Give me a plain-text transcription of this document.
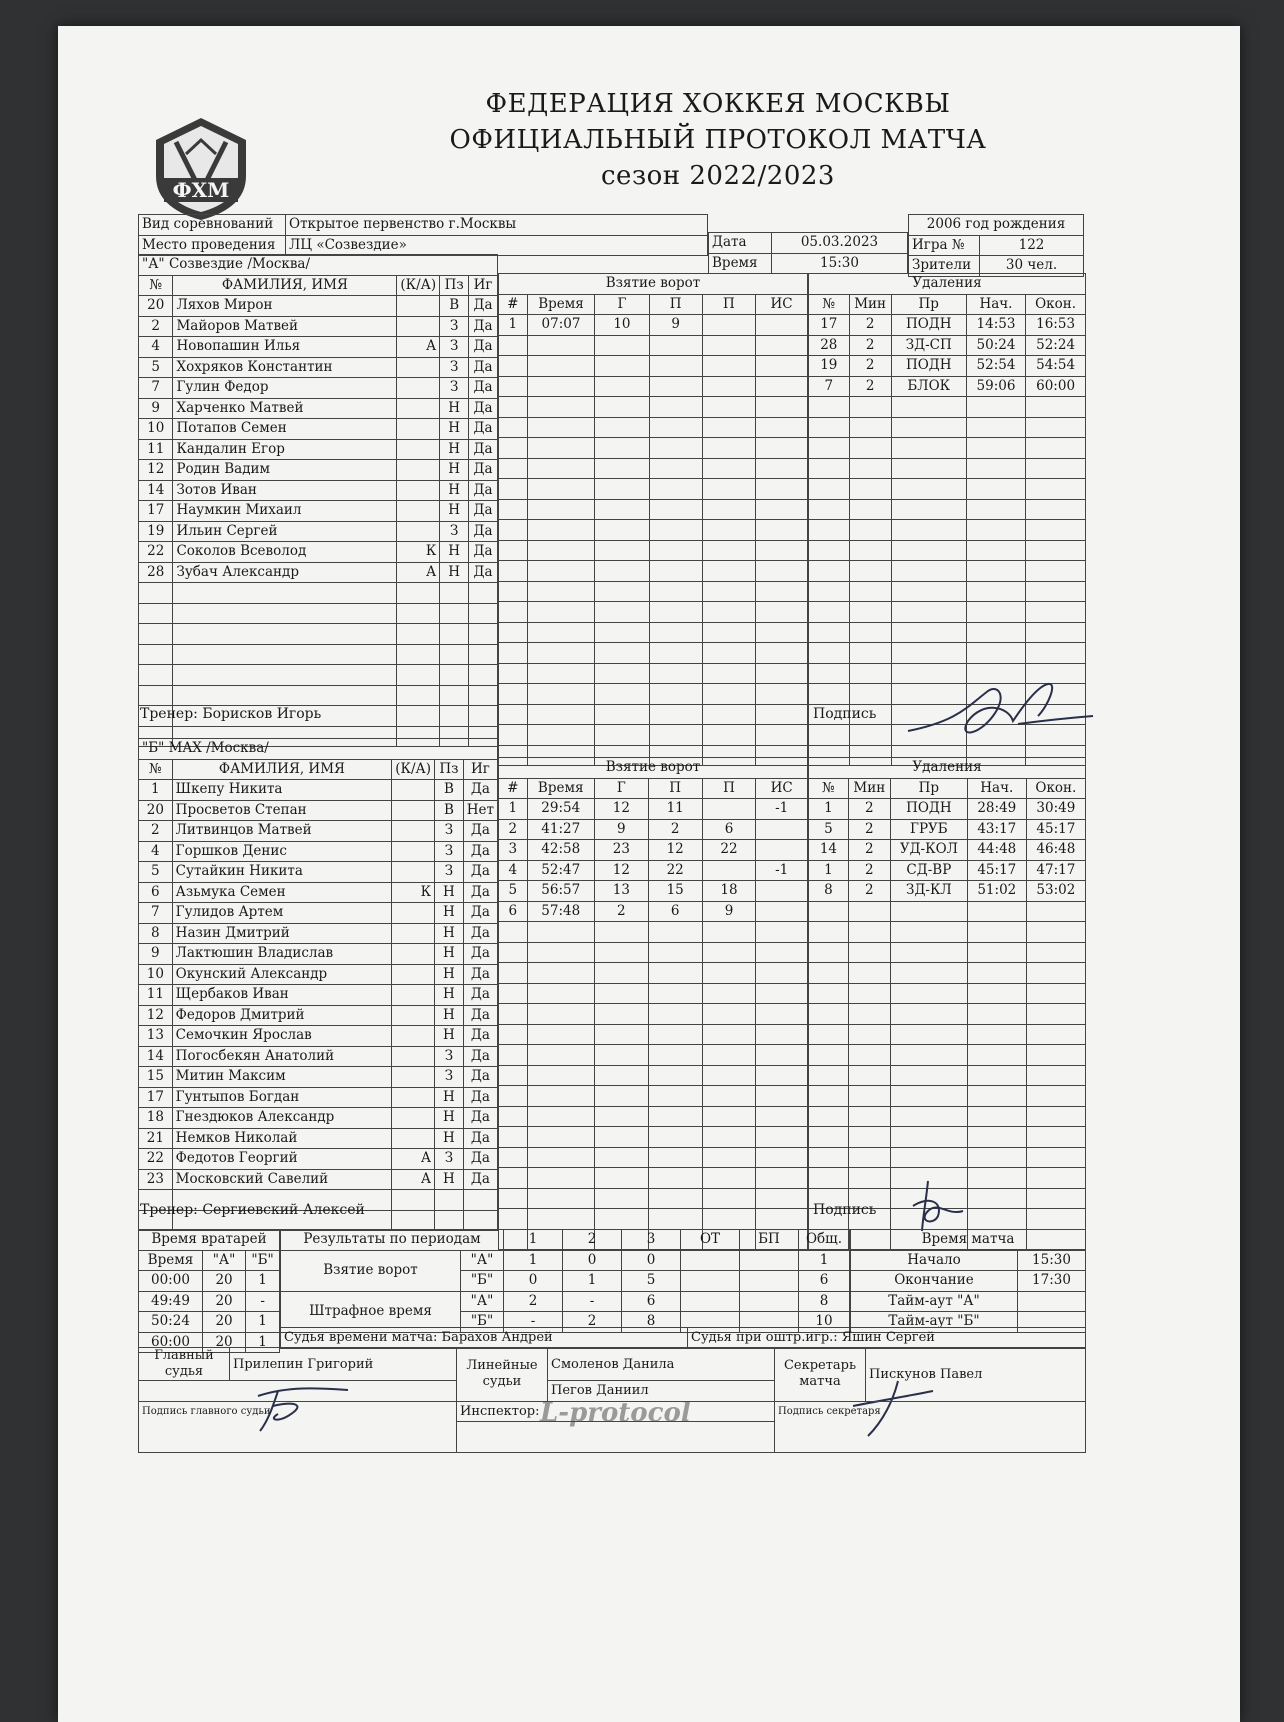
ФХМ
ФЕДЕРАЦИЯ ХОККЕЯ МОСКВЫ
ОФИЦИАЛЬНЫЙ ПРОТОКОЛ МАТЧА
сезон 2022/2023
Вид соревнований	Открытое первенство г.Москвы
Место проведения	ЛЦ «Созвездие»	Дата	05.03.2023
Время	15:30
2006 год рождения	
Игра №	122
Зрители	30 чел.
"А" Созвездие /Москва/				
№	ФАМИЛИЯ, ИМЯ	(К/А)	Пз	Иг
20	Ляхов Мирон		В	Да
2	Майоров Матвей		З	Да
4	Новопашин Илья	А	З	Да
5	Хохряков Константин		З	Да
7	Гулин Федор		З	Да
9	Харченко Матвей		Н	Да
10	Потапов Семен		Н	Да
11	Кандалин Егор		Н	Да
12	Родин Вадим		Н	Да
14	Зотов Иван		Н	Да
17	Наумкин Михаил		Н	Да
19	Ильин Сергей		З	Да
22	Соколов Всеволод	К	Н	Да
28	Зубач Александр	А	Н	Да

Взятие ворот					
#	Время	Г	П	П	ИС
1	07:07	10	9		

Удаления				
№	Мин	Пр	Нач.	Окон.
17	2	ПОДН	14:53	16:53
28	2	ЗД-СП	50:24	52:24
19	2	ПОДН	52:54	54:54
7	2	БЛОК	59:06	60:00

Тренер: Борисков Игорь	Подпись
"Б" MAX /Москва/				
№	ФАМИЛИЯ, ИМЯ	(К/А)	Пз	Иг
1	Шкепу Никита		В	Да
20	Просветов Степан		В	Нет
2	Литвинцов Матвей		З	Да
4	Горшков Денис		З	Да
5	Сутайкин Никита		З	Да
6	Азьмука Семен	К	Н	Да
7	Гулидов Артем		Н	Да
8	Назин Дмитрий		Н	Да
9	Лактюшин Владислав		Н	Да
10	Окунский Александр		Н	Да
11	Щербаков Иван		Н	Да
12	Федоров Дмитрий		Н	Да
13	Семочкин Ярослав		Н	Да
14	Погосбекян Анатолий		З	Да
15	Митин Максим		З	Да
17	Гунтыпов Богдан		Н	Да
18	Гнездюков Александр		Н	Да
21	Немков Николай		Н	Да
22	Федотов Георгий	А	З	Да
23	Московский Савелий	А	Н	Да

Взятие ворот					
#	Время	Г	П	П	ИС
1	29:54	12	11		-1
2	41:27	9	2	6	
3	42:58	23	12	22	
4	52:47	12	22		-1
5	56:57	13	15	18	
6	57:48	2	6	9	

Удаления				
№	Мин	Пр	Нач.	Окон.
1	2	ПОДН	28:49	30:49
5	2	ГРУБ	43:17	45:17
14	2	УД-КОЛ	44:48	46:48
1	2	СД-ВР	45:17	47:17
8	2	ЗД-КЛ	51:02	53:02

Тренер: Сергиевский Алексей	Подпись
L-protocol
Время вратарей		
Время	"А"	"Б"
00:00	20	1
49:49	20	-
50:24	20	1
60:00	20	1
Результаты по периодам		1	2	3	ОТ	БП	Общ.
Взятие ворот	"А"	1	0	0			1
	"Б"	0	1	5			6
Штрафное время	"А"	2	-	6			8
	"Б"	-	2	8			10
Время матча	
Начало	15:30
Окончание	17:30
Тайм-аут "А"	
Тайм-аут "Б"	
Судья времени матча: Барахов Андрей	Судья при оштр.игр.: Яшин Сергей
Главный судья	Прилепин Григорий	Линейные судьи	Смоленов Данила	Секретарь матча	Пискунов Павел
			Пегов Даниил		
Подпись главного судьи		Инспектор:		Подпись секретаря	
